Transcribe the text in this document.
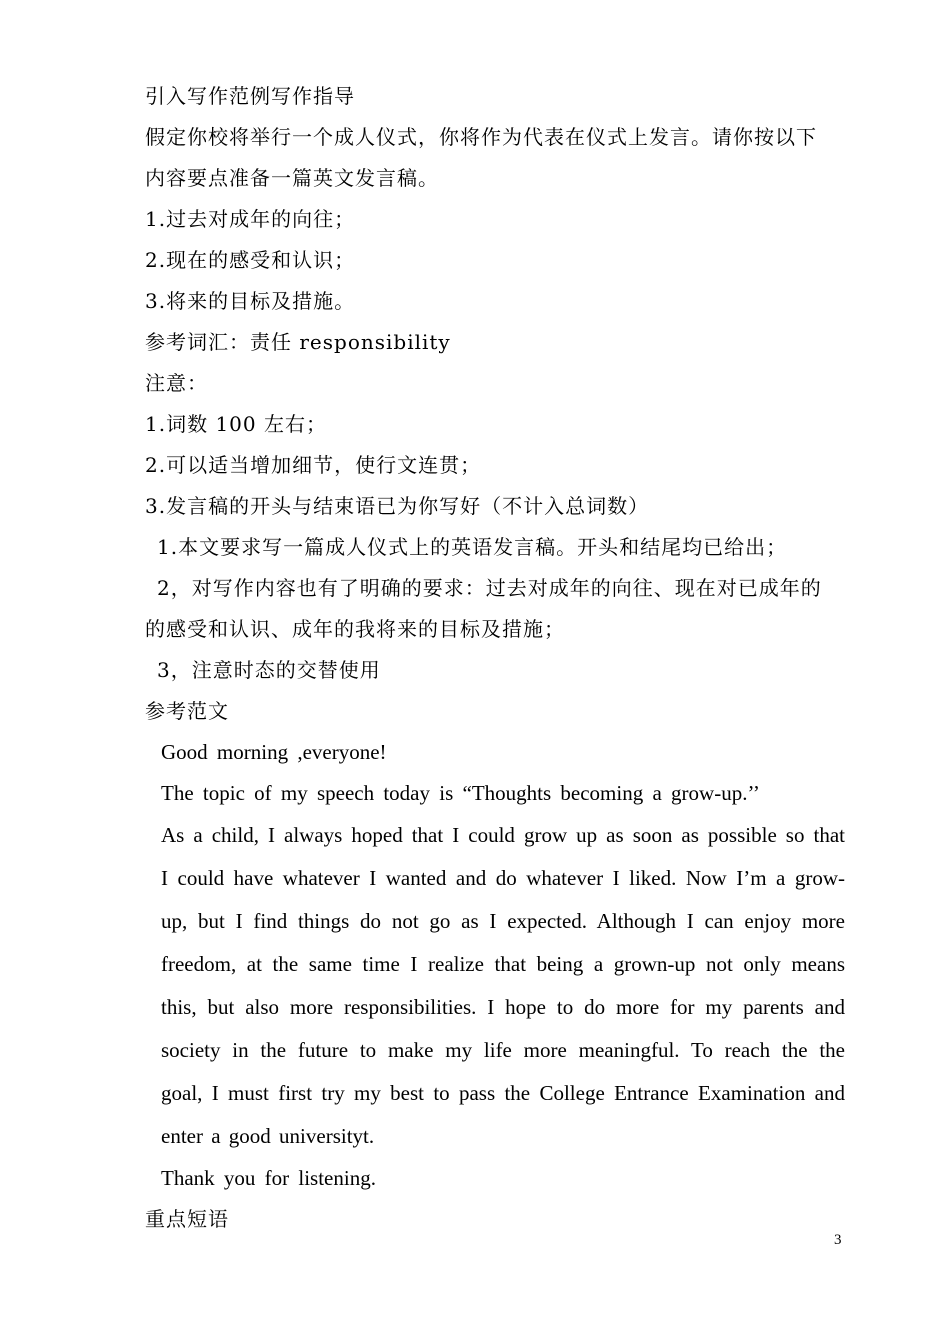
引入写作范例写作指导
假定你校将举行一个成人仪式，你将作为代表在仪式上发言。请你按以下
内容要点准备一篇英文发言稿。
1.过去对成年的向往；
2.现在的感受和认识；
3.将来的目标及措施。
参考词汇：责任 responsibility
注意：
1.词数 100 左右；
2.可以适当增加细节，使行文连贯；
3.发言稿的开头与结束语已为你写好（不计入总词数）
1.本文要求写一篇成人仪式上的英语发言稿。开头和结尾均已给出；
2，对写作内容也有了明确的要求：过去对成年的向往、现在对已成年的
的感受和认识、成年的我将来的目标及措施；
3，注意时态的交替使用
参考范文
Good morning ,everyone!
The topic of my speech today is “Thoughts becoming a grow-up.’’

As a child, I always hoped that I could grow up as soon as possible so that I could have whatever I wanted and do whatever I liked. Now I’m a grow-up, but I find things do not go as I expected. Although I can enjoy more freedom, at the same time I realize that being a grown-up not only means this, but also more responsibilities. I hope to do more for my parents and society in the future to make my life more meaningful. To reach the the goal, I must first try my best to pass the College Entrance Examination and enter a good universityt.

Thank you for listening.
重点短语
3
